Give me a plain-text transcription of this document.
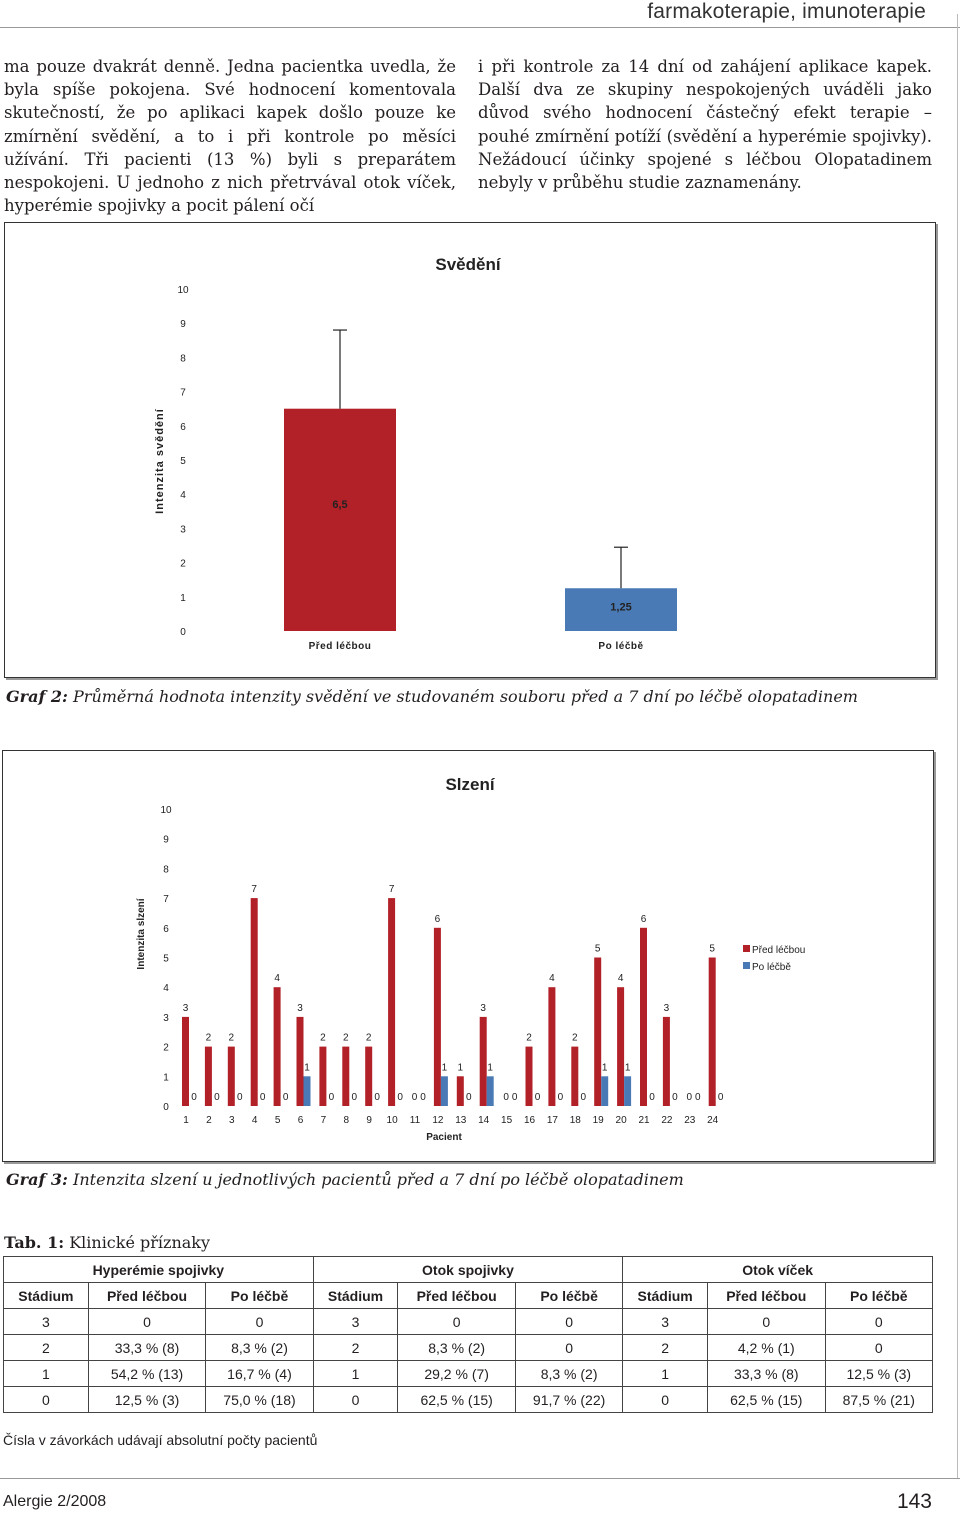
farmakoterapie, imunoterapie

ma pouze dvakrát denně. Jedna pacientka uvedla, že byla spíše pokojena. Své hodnocení komentovala skutečností, že po aplikaci kapek došlo pouze ke zmírnění svědění, a to i při kontrole po měsíci užívání. Tři pacienti (13 %) byli s preparátem nespokojeni. U jednoho z nich přetrvával otok víček, hyperémie spojivky a pocit pálení očí

i při kontrole za 14 dní od zahájení aplikace kapek. Další dva ze skupiny nespokojených uváděli jako důvod svého hodnocení částečný efekt terapie – pouhé zmírnění potíží (svědění a hyperémie spojivky). Nežádoucí účinky spojené s léčbou Olopatadinem nebyly v průběhu studie zaznamenány.

Svědění
Intenzita svědění
0
1
2
3
4
5
6
7
8
9
10
6,5
Před léčbou
1,25
Po léčbě
Graf 2: Průměrná hodnota intenzity svědění ve studovaném souboru před a 7 dní po léčbě olopatadinem
Slzení
Intenzita slzení
0
1
2
3
4
5
6
7
8
9
10
3
0
1
2
0
2
2
0
3
7
0
4
4
0
5
3
1
6
2
0
7
2
0
8
2
0
9
7
0
10
0 0
11
6
1
12
1
0
13
3
1
14
0 0
15
2
0
16
4
0
17
2
0
18
5
1
19
4
1
20
6
0
21
3
0
22
0 0
23
5
0
24
Pacient
Před léčbou
Po léčbě
Graf 3: Intenzita slzení u jednotlivých pacientů před a 7 dní po léčbě olopatadinem
Tab. 1: Klinické příznaky
Hyperémie spojivky			Otok spojivky			Otok víček		
Stádium	Před léčbou	Po léčbě	Stádium	Před léčbou	Po léčbě	Stádium	Před léčbou	Po léčbě
3	0	0	3	0	0	3	0	0
2	33,3 % (8)	8,3 % (2)	2	8,3 % (2)	0	2	4,2 % (1)	0
1	54,2 % (13)	16,7 % (4)	1	29,2 % (7)	8,3 % (2)	1	33,3 % (8)	12,5 % (3)
0	12,5 % (3)	75,0 % (18)	0	62,5 % (15)	91,7 % (22)	0	62,5 % (15)	87,5 % (21)
Čísla v závorkách udávají absolutní počty pacientů
Alergie 2/2008	143
